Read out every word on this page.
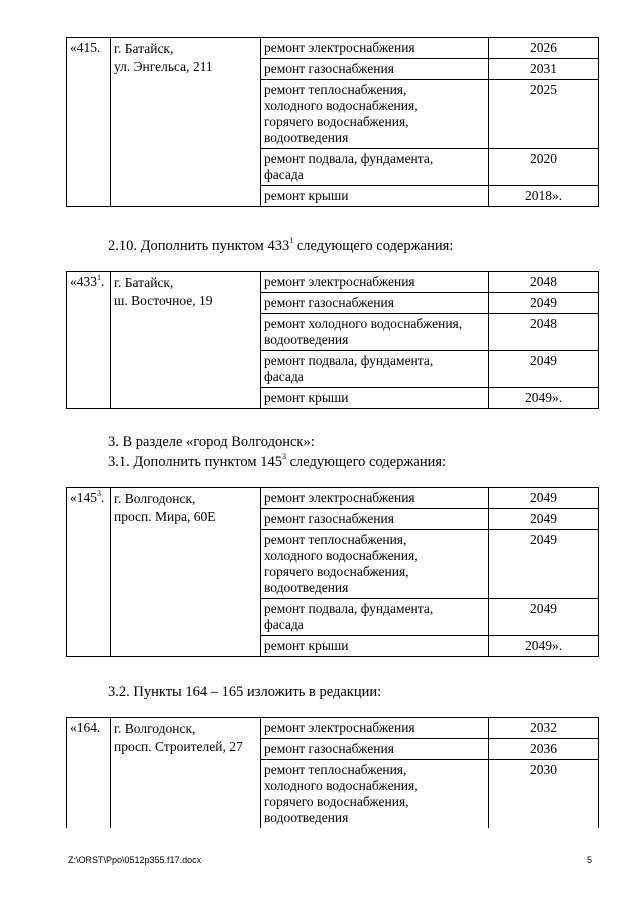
«415.	г. Батайск,
ул. Энгельса, 211	ремонт электроснабжения	2026
		ремонт газоснабжения	2031
		ремонт теплоснабжения,
холодного водоснабжения,
горячего водоснабжения,
водоотведения	2025
		ремонт подвала, фундамента,
фасада	2020
		ремонт крыши	2018».
2.10. Дополнить пунктом $433^1$ следующего содержания:
«$433^1$.	г. Батайск,
ш. Восточное, 19	ремонт электроснабжения	2048
		ремонт газоснабжения	2049
		ремонт холодного водоснабжения,
водоотведения	2048
		ремонт подвала, фундамента,
фасада	2049
		ремонт крыши	2049».
3. В разделе «город Волгодонск»:
3.1. Дополнить пунктом $145^3$ следующего содержания:
«$145^3$.	г. Волгодонск,
просп. Мира, 60Е	ремонт электроснабжения	2049
		ремонт газоснабжения	2049
		ремонт теплоснабжения,
холодного водоснабжения,
горячего водоснабжения,
водоотведения	2049
		ремонт подвала, фундамента,
фасада	2049
		ремонт крыши	2049».
3.2. Пункты 164 – 165 изложить в редакции:
«164.	г. Волгодонск,
просп. Строителей, 27	ремонт электроснабжения	2032
		ремонт газоснабжения	2036
		ремонт теплоснабжения,
холодного водоснабжения,
горячего водоснабжения,
водоотведения	2030
Z:\ORST\Ppo\0512p355.f17.docx	5
